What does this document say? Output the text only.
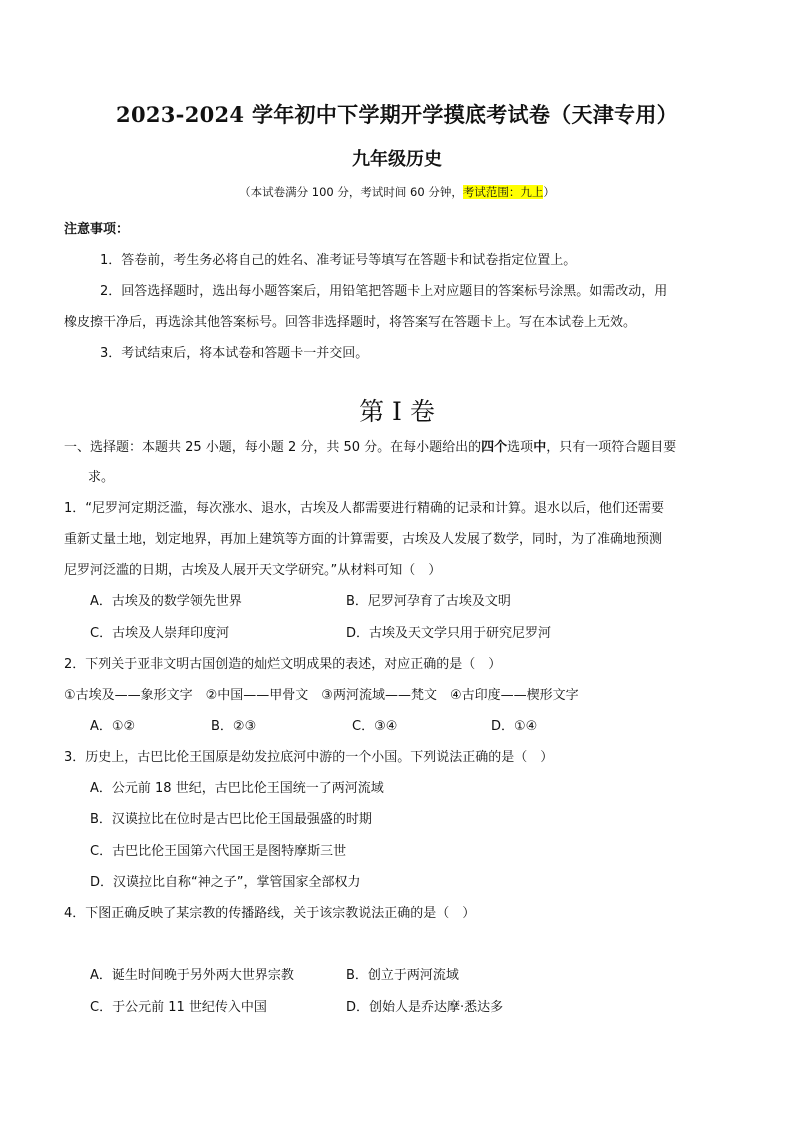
2023-2024 学年初中下学期开学摸底考试卷（天津专用）
九年级历史
（本试卷满分 100 分，考试时间 60 分钟，考试范围：九上）
注意事项：
1．答卷前，考生务必将自己的姓名、准考证号等填写在答题卡和试卷指定位置上。
2．回答选择题时，选出每小题答案后，用铅笔把答题卡上对应题目的答案标号涂黑。如需改动，用
橡皮擦干净后，再选涂其他答案标号。回答非选择题时，将答案写在答题卡上。写在本试卷上无效。
3．考试结束后，将本试卷和答题卡一并交回。
第 I 卷
一、选择题：本题共 25 小题，每小题 2 分，共 50 分。在每小题给出的四个选项中，只有一项符合题目要
求。
1．“尼罗河定期泛滥，每次涨水、退水，古埃及人都需要进行精确的记录和计算。退水以后，他们还需要
重新丈量土地，划定地界，再加上建筑等方面的计算需要，古埃及人发展了数学，同时，为了准确地预测
尼罗河泛滥的日期，古埃及人展开天文学研究。”从材料可知（　）
A．古埃及的数学领先世界	B．尼罗河孕育了古埃及文明
C．古埃及人崇拜印度河	D．古埃及天文学只用于研究尼罗河
2．下列关于亚非文明古国创造的灿烂文明成果的表述，对应正确的是（　）
①古埃及——象形文字　②中国——甲骨文　③两河流域——梵文　④古印度——楔形文字
A．①②	B．②③	C．③④	D．①④
3．历史上，古巴比伦王国原是幼发拉底河中游的一个小国。下列说法正确的是（　）
A．公元前 18 世纪，古巴比伦王国统一了两河流域
B．汉谟拉比在位时是古巴比伦王国最强盛的时期
C．古巴比伦王国第六代国王是图特摩斯三世
D．汉谟拉比自称“神之子”，掌管国家全部权力
4．下图正确反映了某宗教的传播路线，关于该宗教说法正确的是（　）
A．诞生时间晚于另外两大世界宗教	B．创立于两河流域
C．于公元前 11 世纪传入中国	D．创始人是乔达摩·悉达多
